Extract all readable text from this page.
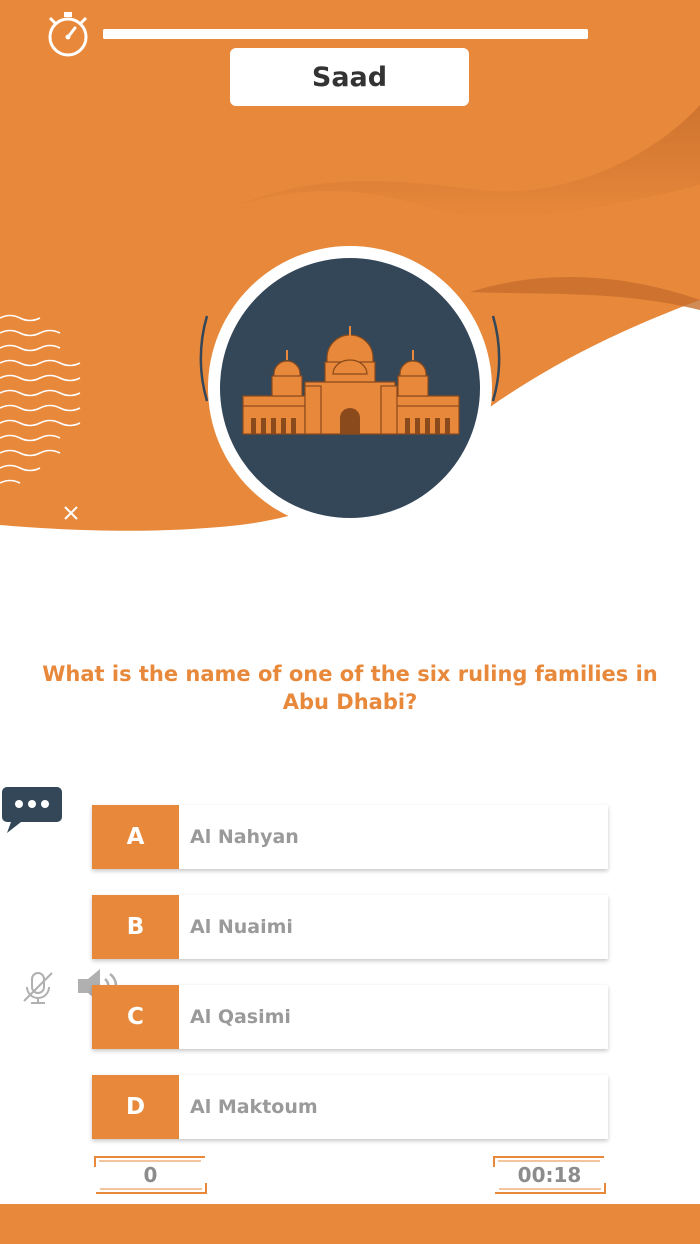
Saad
What is the name of one of the six ruling families in Abu Dhabi?
A	Al Nahyan
B	Al Nuaimi
C	Al Qasimi
D	Al Maktoum
0	00:18
